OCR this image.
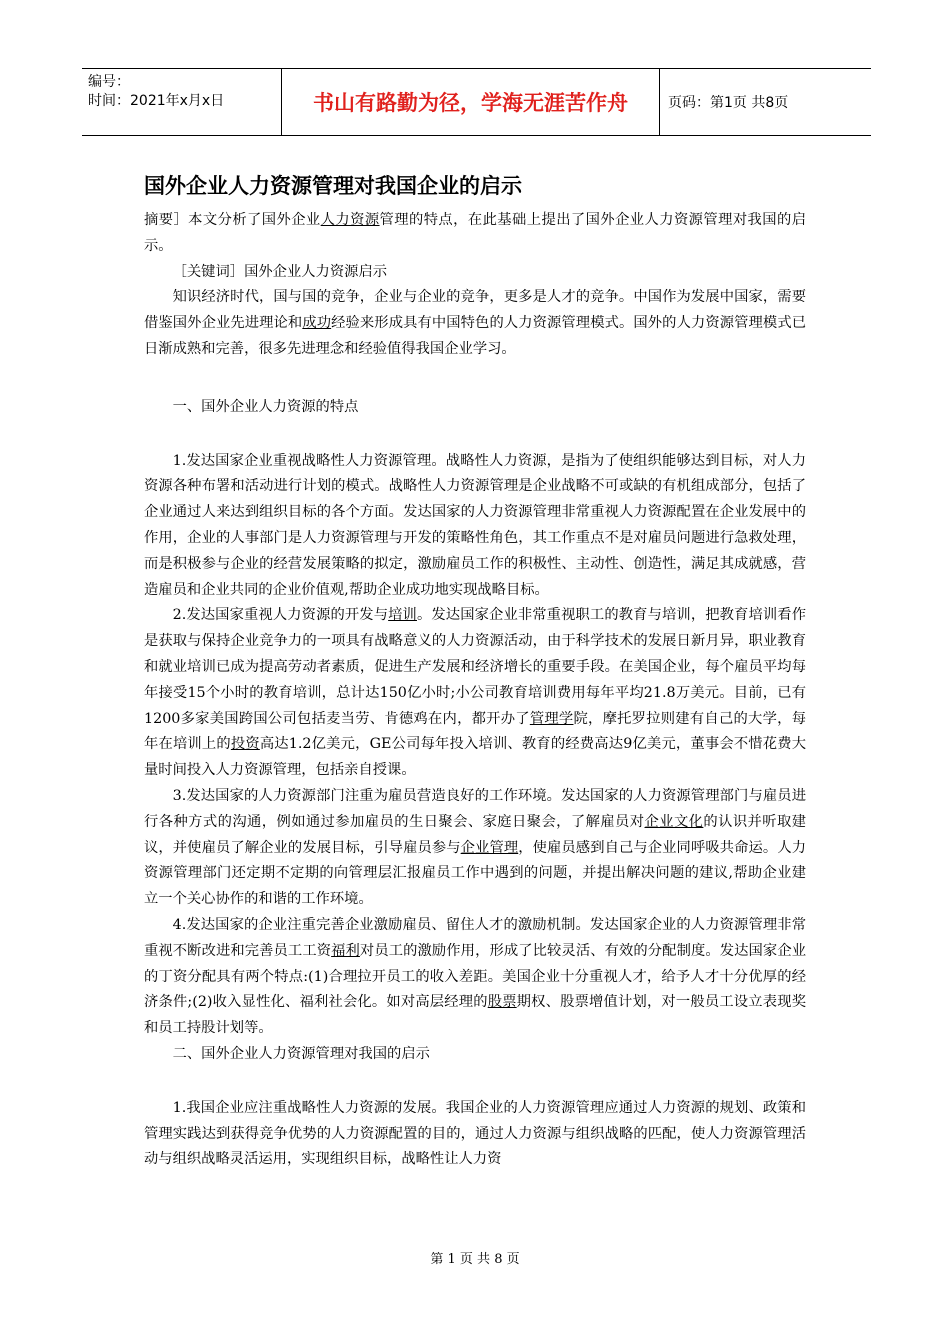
编号：
时间：2021年x月x日	书山有路勤为径，学海无涯苦作舟	页码：第1页 共8页
国外企业人力资源管理对我国企业的启示

摘要］本文分析了国外企业人力资源管理的特点，在此基础上提出了国外企业人力资源管理对我国的启示。

［关键词］国外企业人力资源启示

知识经济时代，国与国的竞争，企业与企业的竞争，更多是人才的竞争。中国作为发展中国家，需要借鉴国外企业先进理论和成功经验来形成具有中国特色的人力资源管理模式。国外的人力资源管理模式已日渐成熟和完善，很多先进理念和经验值得我国企业学习。

一、国外企业人力资源的特点

1.发达国家企业重视战略性人力资源管理。战略性人力资源，是指为了使组织能够达到目标，对人力资源各种布署和活动进行计划的模式。战略性人力资源管理是企业战略不可或缺的有机组成部分，包括了企业通过人来达到组织目标的各个方面。发达国家的人力资源管理非常重视人力资源配置在企业发展中的作用，企业的人事部门是人力资源管理与开发的策略性角色，其工作重点不是对雇员问题进行急救处理，而是积极参与企业的经营发展策略的拟定，激励雇员工作的积极性、主动性、创造性，满足其成就感，营造雇员和企业共同的企业价值观,帮助企业成功地实现战略目标。

2.发达国家重视人力资源的开发与培训。发达国家企业非常重视职工的教育与培训，把教育培训看作是获取与保持企业竞争力的一项具有战略意义的人力资源活动，由于科学技术的发展日新月异，职业教育和就业培训已成为提高劳动者素质，促进生产发展和经济增长的重要手段。在美国企业，每个雇员平均每年接受15个小时的教育培训，总计达150亿小时;小公司教育培训费用每年平均21.8万美元。目前，已有1200多家美国跨国公司包括麦当劳、肯德鸡在内，都开办了管理学院，摩托罗拉则建有自己的大学，每年在培训上的投资高达1.2亿美元，GE公司每年投入培训、教育的经费高达9亿美元，董事会不惜花费大量时间投入人力资源管理，包括亲自授课。

3.发达国家的人力资源部门注重为雇员营造良好的工作环境。发达国家的人力资源管理部门与雇员进行各种方式的沟通，例如通过参加雇员的生日聚会、家庭日聚会，了解雇员对企业文化的认识并听取建议，并使雇员了解企业的发展目标，引导雇员参与企业管理，使雇员感到自己与企业同呼吸共命运。人力资源管理部门还定期不定期的向管理层汇报雇员工作中遇到的问题，并提出解决问题的建议,帮助企业建立一个关心协作的和谐的工作环境。

4.发达国家的企业注重完善企业激励雇员、留住人才的激励机制。发达国家企业的人力资源管理非常重视不断改进和完善员工工资福利对员工的激励作用，形成了比较灵活、有效的分配制度。发达国家企业的丁资分配具有两个特点:(1)合理拉开员工的收入差距。美国企业十分重视人才，给予人才十分优厚的经济条件;(2)收入显性化、福利社会化。如对高层经理的股票期权、股票增值计划，对一般员工设立表现奖和员工持股计划等。

二、国外企业人力资源管理对我国的启示

1.我国企业应注重战略性人力资源的发展。我国企业的人力资源管理应通过人力资源的规划、政策和管理实践达到获得竞争优势的人力资源配置的目的，通过人力资源与组织战略的匹配，使人力资源管理活动与组织战略灵活运用，实现组织目标，战略性让人力资

第 1 页 共 8 页
